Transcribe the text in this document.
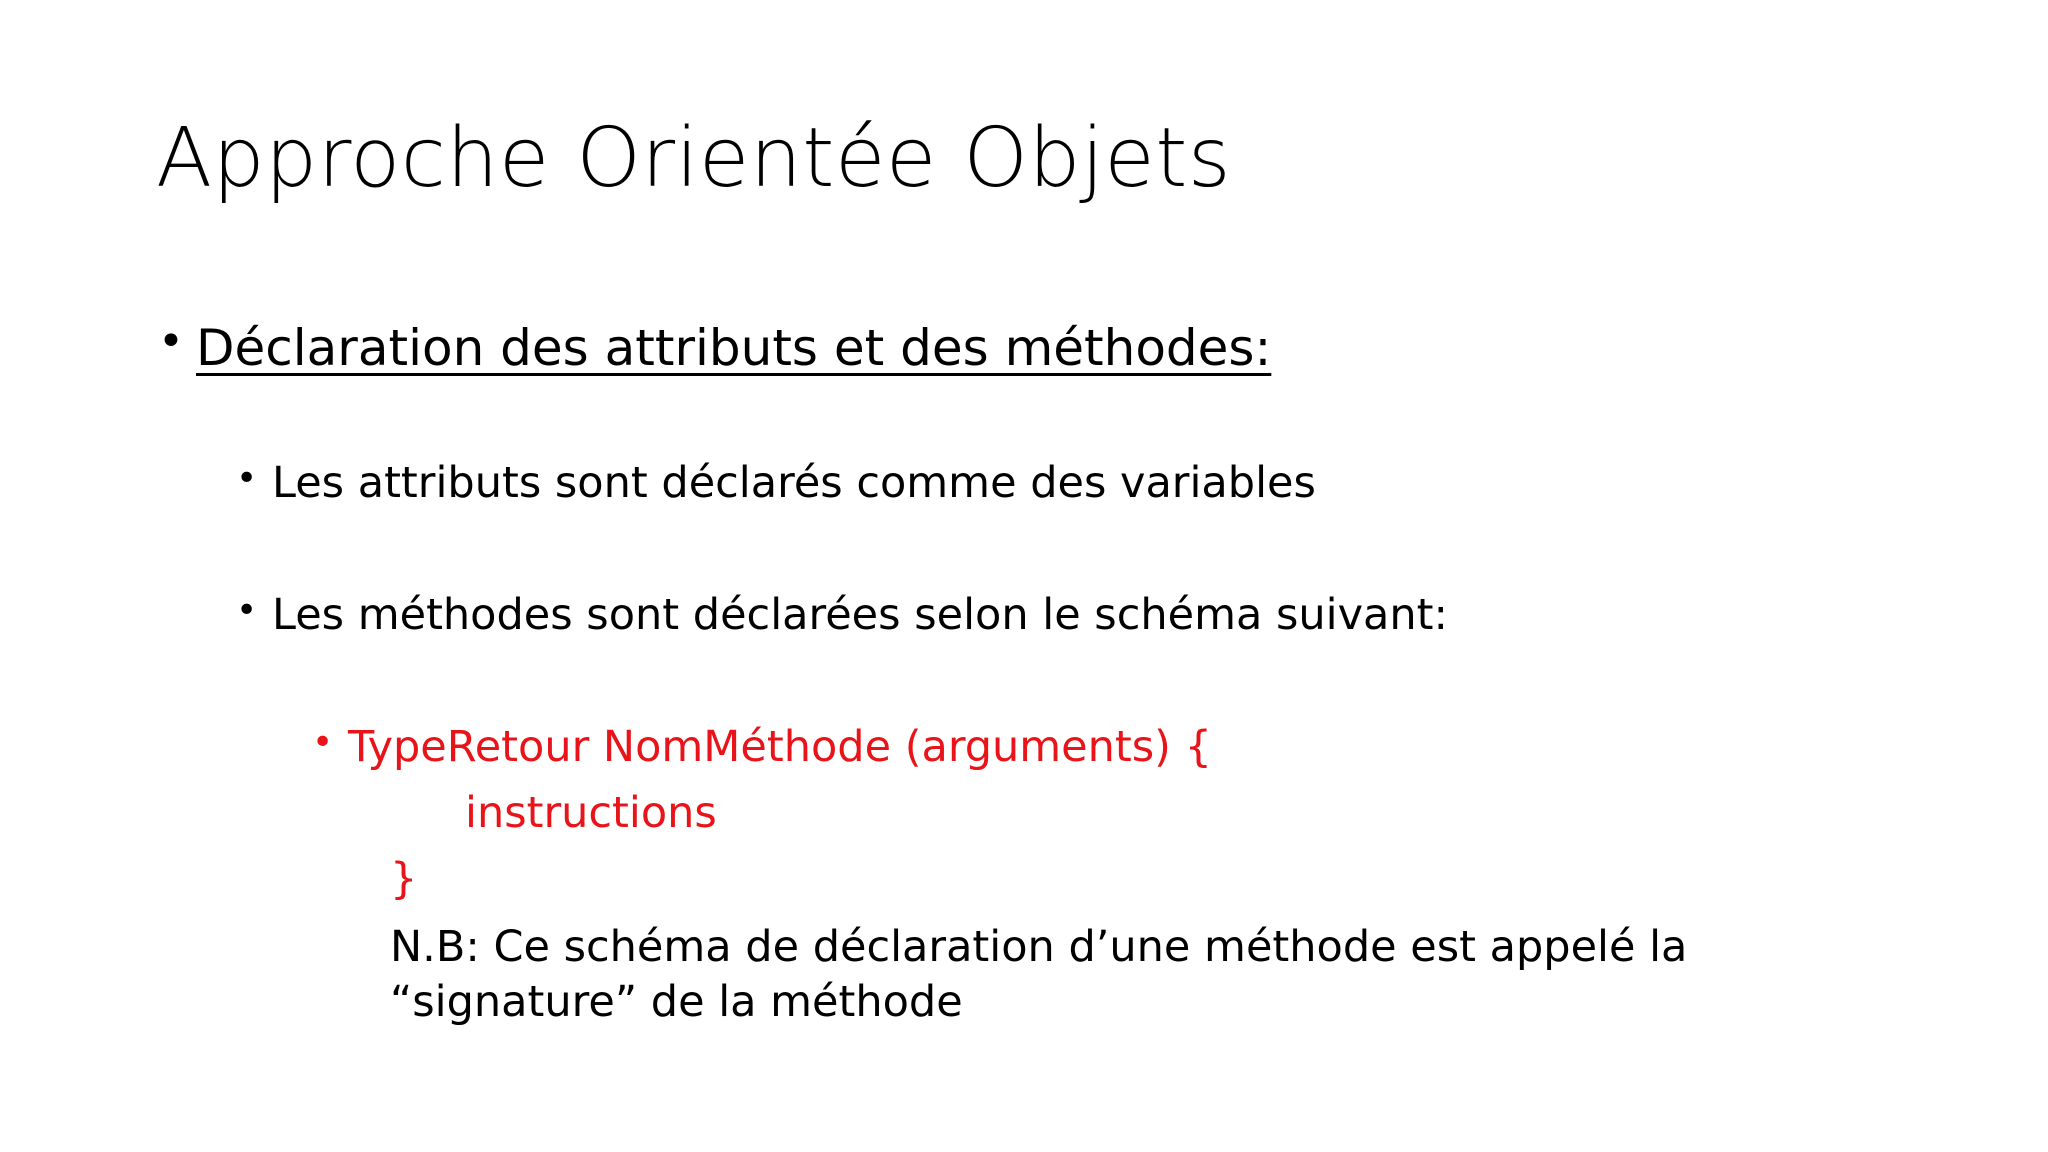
Approche Orientée Objets
• Déclaration des attributs et des méthodes:
• Les attributs sont déclarés comme des variables
• Les méthodes sont déclarées selon le schéma suivant:
• TypeRetour NomMéthode (arguments) {
instructions
}
N.B: Ce schéma de déclaration d’une méthode est appelé la “signature” de la méthode
